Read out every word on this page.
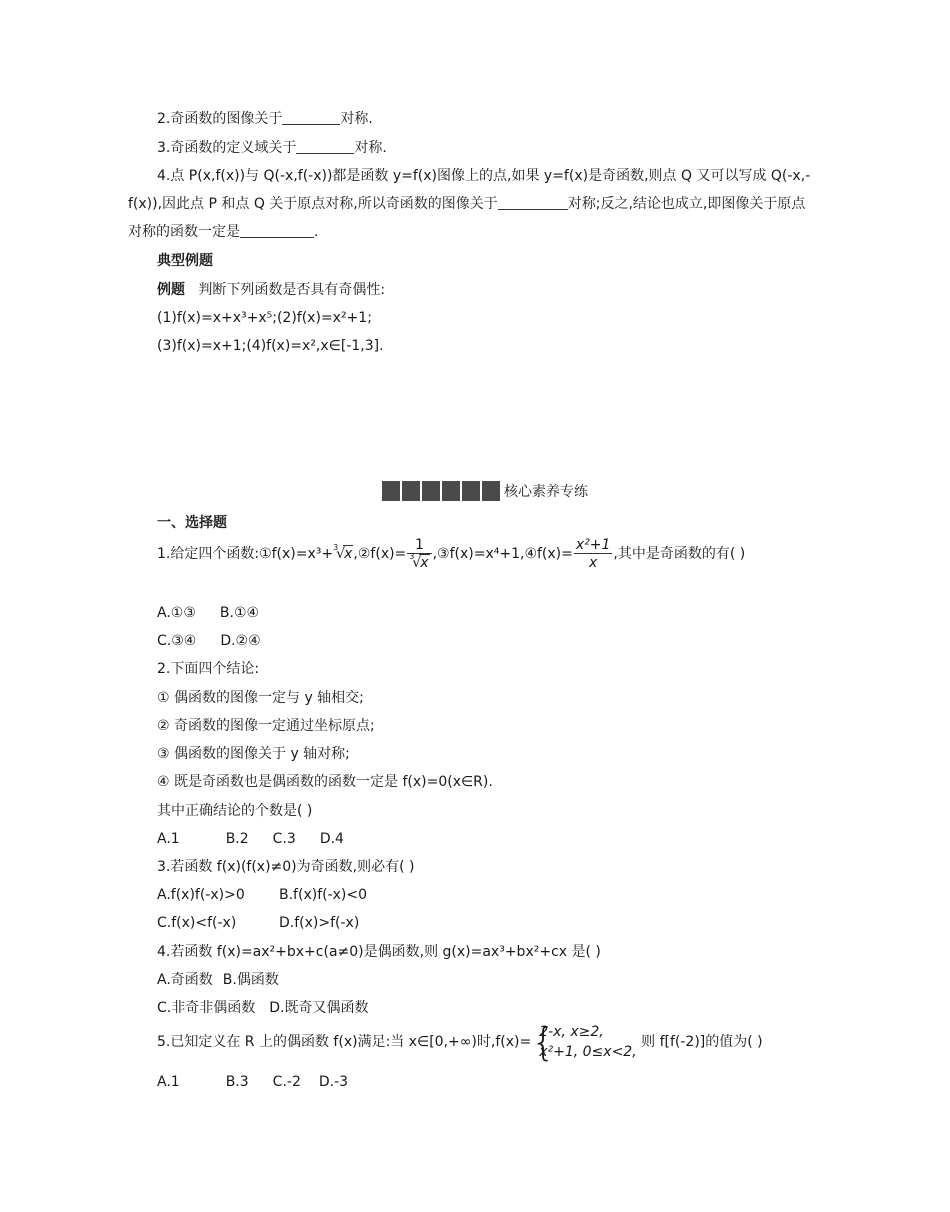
2.奇函数的图像关于	对称.
3.奇函数的定义域关于	对称.
4.点 P(x,f(x))与 Q(-x,f(-x))都是函数 y=f(x)图像上的点,如果 y=f(x)是奇函数,则点 Q 又可以写成 Q(-x,-f(x)),因此点 P 和点 Q 关于原点对称,所以奇函数的图像关于	对称;反之,结论也成立,即图像关于原点对称的函数一定是	.
典型例题
例题 判断下列函数是否具有奇偶性:
(1)f(x)=x+x³+x⁵;(2)f(x)=x²+1;
(3)f(x)=x+1;(4)f(x)=x²,x∈[-1,3].
核心素养专练
一、选择题
1.给定四个函数:①f(x)=x³+ 3
√ x,②f(x)= 1
3
√ x ,③f(x)=x⁴+1,④f(x)= $\frac{\text{x²+1}}{x}$ ,其中是奇函数的有( )
A.①③ B.①④
C.③④ D.②④
2.下面四个结论:
① 偶函数的图像一定与 y 轴相交;
② 奇函数的图像一定通过坐标原点;
③ 偶函数的图像关于 y 轴对称;
④ 既是奇函数也是偶函数的函数一定是 f(x)=0(x∈R).
其中正确结论的个数是( )
A.1	B.2 C.3 D.4
3.若函数 f(x)(f(x)≠0)为奇函数,则必有( )
A.f(x)f(-x)>0 B.f(x)f(-x)<0
C.f(x)<f(-x)	D.f(x)>f(-x)
4.若函数 f(x)=ax²+bx+c(a≠0)是偶函数,则 g(x)=ax³+bx²+cx 是( )
A.奇函数 B.偶函数
C.非奇非偶函数 D.既奇又偶函数
5.已知定义在 R 上的偶函数 f(x)满足:当 x∈[0,+∞)时,f(x)= {
2-x, x≥2,
x²+1, 0≤x<2,
则 f[f(-2)]的值为( )
A.1	B.3 C.-2 D.-3
